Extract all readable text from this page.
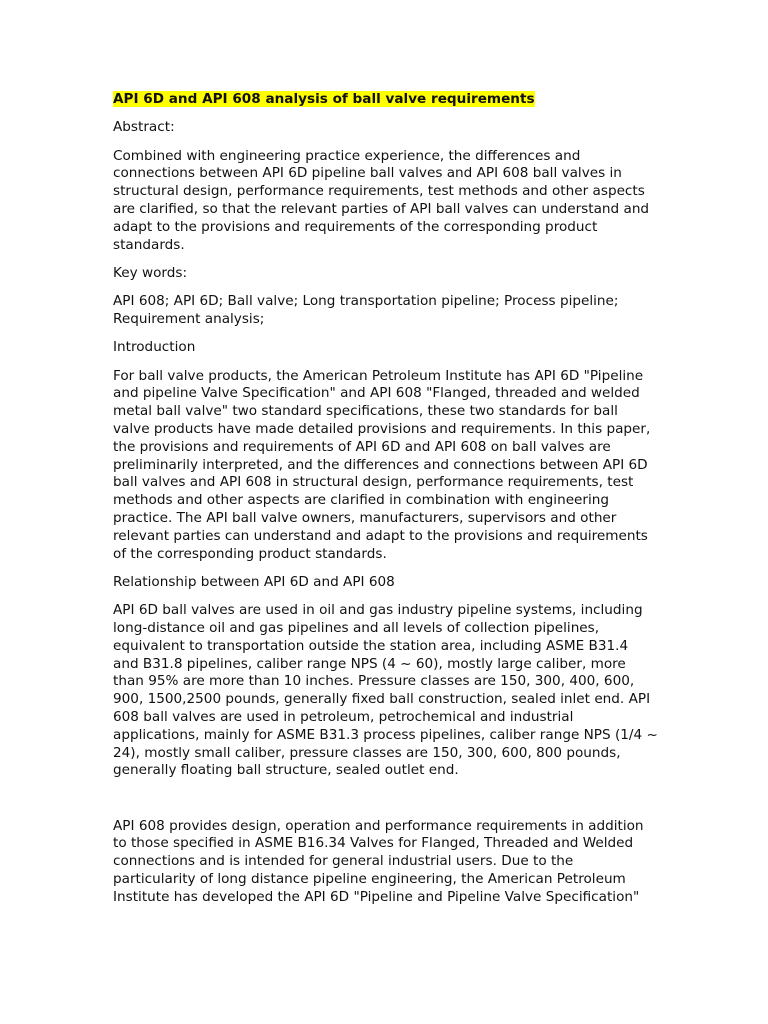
API 6D and API 608 analysis of ball valve requirements

Abstract:

Combined with engineering practice experience, the differences and connections between API 6D pipeline ball valves and API 608 ball valves in structural design, performance requirements, test methods and other aspects are clarified, so that the relevant parties of API ball valves can understand and adapt to the provisions and requirements of the corresponding product standards.

Key words:

API 608; API 6D; Ball valve; Long transportation pipeline; Process pipeline; Requirement analysis;

Introduction

For ball valve products, the American Petroleum Institute has API 6D "Pipeline and pipeline Valve Specification" and API 608 "Flanged, threaded and welded metal ball valve" two standard specifications, these two standards for ball valve products have made detailed provisions and requirements. In this paper, the provisions and requirements of API 6D and API 608 on ball valves are preliminarily interpreted, and the differences and connections between API 6D ball valves and API 608 in structural design, performance requirements, test methods and other aspects are clarified in combination with engineering practice. The API ball valve owners, manufacturers, supervisors and other relevant parties can understand and adapt to the provisions and requirements of the corresponding product standards.

Relationship between API 6D and API 608

API 6D ball valves are used in oil and gas industry pipeline systems, including long-distance oil and gas pipelines and all levels of collection pipelines, equivalent to transportation outside the station area, including ASME B31.4 and B31.8 pipelines, caliber range NPS (4 ~ 60), mostly large caliber, more than 95% are more than 10 inches. Pressure classes are 150, 300, 400, 600, 900, 1500,2500 pounds, generally fixed ball construction, sealed inlet end. API 608 ball valves are used in petroleum, petrochemical and industrial applications, mainly for ASME B31.3 process pipelines, caliber range NPS (1/4 ~ 24), mostly small caliber, pressure classes are 150, 300, 600, 800 pounds, generally floating ball structure, sealed outlet end.

API 608 provides design, operation and performance requirements in addition to those specified in ASME B16.34 Valves for Flanged, Threaded and Welded connections and is intended for general industrial users. Due to the particularity of long distance pipeline engineering, the American Petroleum Institute has developed the API 6D "Pipeline and Pipeline Valve Specification"
